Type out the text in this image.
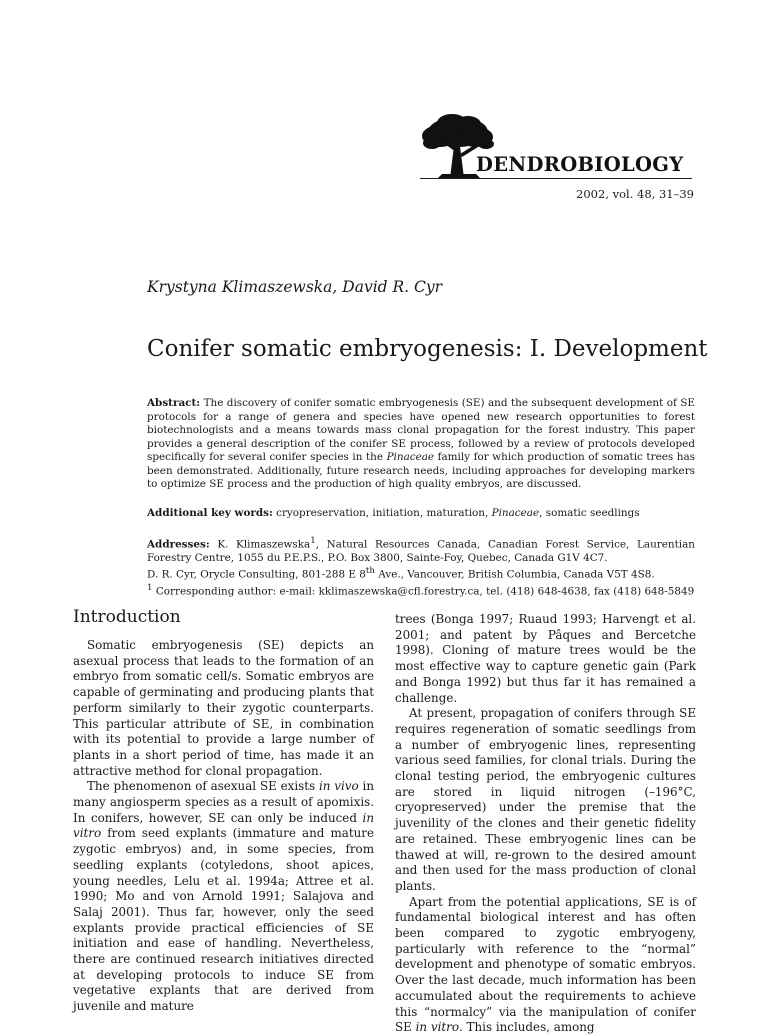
DENDROBIOLOGY
2002, vol. 48, 31–39
Krystyna Klimaszewska, David R. Cyr
Conifer somatic embryogenesis: I. Development
Abstract: The discovery of conifer somatic embryogenesis (SE) and the subsequent development of SE protocols for a range of genera and species have opened new research opportunities to forest biotechnologists and a means towards mass clonal propagation for the forest industry. This paper provides a general description of the conifer SE process, followed by a review of protocols developed specifically for several conifer species in the Pinaceae family for which production of somatic trees has been demonstrated. Additionally, future research needs, including approaches for developing markers to optimize SE process and the production of high quality embryos, are discussed.
Additional key words: cryopreservation, initiation, maturation, Pinaceae, somatic seedlings
Addresses: K. Klimaszewska$^1$, Natural Resources Canada, Canadian Forest Service, Laurentian Forestry Centre, 1055 du P.E.P.S., P.O. Box 3800, Sainte-Foy, Quebec, Canada G1V 4C7.
D. R. Cyr, Orycle Consulting, 801-288 E 8th Ave., Vancouver, British Columbia, Canada V5T 4S8.
$^1$ Corresponding author: e-mail: kklimaszewska@cfl.forestry.ca, tel. (418) 648-4638, fax (418) 648-5849
Introduction

Somatic embryogenesis (SE) depicts an asexual process that leads to the formation of an embryo from somatic cell/s. Somatic embryos are capable of germinating and producing plants that perform similarly to their zygotic counterparts. This particular attribute of SE, in combination with its potential to provide a large number of plants in a short period of time, has made it an attractive method for clonal propagation.

The phenomenon of asexual SE exists in vivo in many angiosperm species as a result of apomixis. In conifers, however, SE can only be induced in vitro from seed explants (immature and mature zygotic embryos) and, in some species, from seedling explants (cotyledons, shoot apices, young needles, Lelu et al. 1994a; Attree et al. 1990; Mo and von Arnold 1991; Salajova and Salaj 2001). Thus far, however, only the seed explants provide practical efficiencies of SE initiation and ease of handling. Nevertheless, there are continued research initiatives directed at developing protocols to induce SE from vegetative explants that are derived from juvenile and mature

trees (Bonga 1997; Ruaud 1993; Harvengt et al. 2001; and patent by Pâques and Bercetche 1998). Cloning of mature trees would be the most effective way to capture genetic gain (Park and Bonga 1992) but thus far it has remained a challenge.

At present, propagation of conifers through SE requires regeneration of somatic seedlings from a number of embryogenic lines, representing various seed families, for clonal trials. During the clonal testing period, the embryogenic cultures are stored in liquid nitrogen (–196°C, cryopreserved) under the premise that the juvenility of the clones and their genetic fidelity are retained. These embryogenic lines can be thawed at will, re-grown to the desired amount and then used for the mass production of clonal plants.

Apart from the potential applications, SE is of fundamental biological interest and has often been compared to zygotic embryogeny, particularly with reference to the “normal” development and phenotype of somatic embryos. Over the last decade, much information has been accumulated about the requirements to achieve this “normalcy” via the manipulation of conifer SE in vitro. This includes, among
